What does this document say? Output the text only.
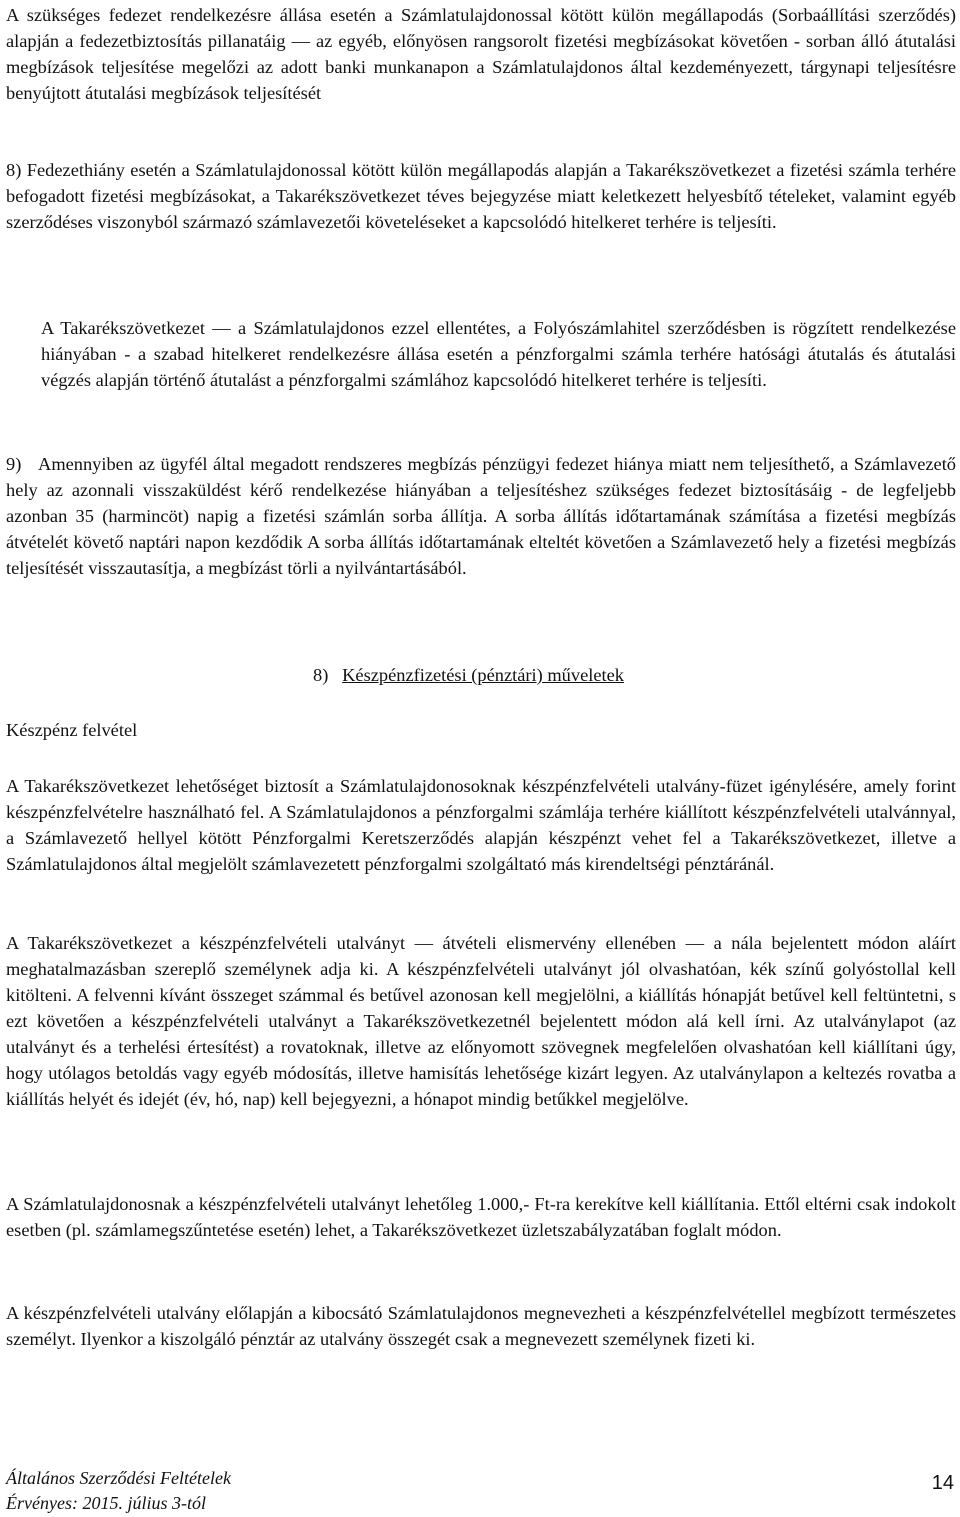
A szükséges fedezet rendelkezésre állása esetén a Számlatulajdonossal kötött külön megállapodás (Sorbaállítási szerződés) alapján a fedezetbiztosítás pillanatáig — az egyéb, előnyösen rangsorolt fizetési megbízásokat követően - sorban álló átutalási megbízások teljesítése megelőzi az adott banki munkanapon a Számlatulajdonos által kezdeményezett, tárgynapi teljesítésre benyújtott átutalási megbízások teljesítését

8) Fedezethiány esetén a Számlatulajdonossal kötött külön megállapodás alapján a Takarékszövetkezet a fizetési számla terhére befogadott fizetési megbízásokat, a Takarékszövetkezet téves bejegyzése miatt keletkezett helyesbítő tételeket, valamint egyéb szerződéses viszonyból származó számlavezetői követeléseket a kapcsolódó hitelkeret terhére is teljesíti.

A Takarékszövetkezet — a Számlatulajdonos ezzel ellentétes, a Folyószámlahitel szerződésben is rögzített rendelkezése hiányában - a szabad hitelkeret rendelkezésre állása esetén a pénzforgalmi számla terhére hatósági átutalás és átutalási végzés alapján történő átutalást a pénzforgalmi számlához kapcsolódó hitelkeret terhére is teljesíti.

9) Amennyiben az ügyfél által megadott rendszeres megbízás pénzügyi fedezet hiánya miatt nem teljesíthető, a Számlavezető hely az azonnali visszaküldést kérő rendelkezése hiányában a teljesítéshez szükséges fedezet biztosításáig - de legfeljebb azonban 35 (harmincöt) napig a fizetési számlán sorba állítja. A sorba állítás időtartamának számítása a fizetési megbízás átvételét követő naptári napon kezdődik A sorba állítás időtartamának elteltét követően a Számlavezető hely a fizetési megbízás teljesítését visszautasítja, a megbízást törli a nyilvántartásából.

8) Készpénzfizetési (pénztári) műveletek

Készpénz felvétel

A Takarékszövetkezet lehetőséget biztosít a Számlatulajdonosoknak készpénzfelvételi utalvány-füzet igénylésére, amely forint készpénzfelvételre használható fel. A Számlatulajdonos a pénzforgalmi számlája terhére kiállított készpénzfelvételi utalvánnyal, a Számlavezető hellyel kötött Pénzforgalmi Keretszerződés alapján készpénzt vehet fel a Takarékszövetkezet, illetve a Számlatulajdonos által megjelölt számlavezetett pénzforgalmi szolgáltató más kirendeltségi pénztáránál.

A Takarékszövetkezet a készpénzfelvételi utalványt — átvételi elismervény ellenében — a nála bejelentett módon aláírt meghatalmazásban szereplő személynek adja ki. A készpénzfelvételi utalványt jól olvashatóan, kék színű golyóstollal kell kitölteni. A felvenni kívánt összeget számmal és betűvel azonosan kell megjelölni, a kiállítás hónapját betűvel kell feltüntetni, s ezt követően a készpénzfelvételi utalványt a Takarékszövetkezetnél bejelentett módon alá kell írni. Az utalványlapot (az utalványt és a terhelési értesítést) a rovatoknak, illetve az előnyomott szövegnek megfelelően olvashatóan kell kiállítani úgy, hogy utólagos betoldás vagy egyéb módosítás, illetve hamisítás lehetősége kizárt legyen. Az utalványlapon a keltezés rovatba a kiállítás helyét és idejét (év, hó, nap) kell bejegyezni, a hónapot mindig betűkkel megjelölve.

A Számlatulajdonosnak a készpénzfelvételi utalványt lehetőleg 1.000,- Ft-ra kerekítve kell kiállítania. Ettől eltérni csak indokolt esetben (pl. számlamegszűntetése esetén) lehet, a Takarékszövetkezet üzletszabályzatában foglalt módon.

A készpénzfelvételi utalvány előlapján a kibocsátó Számlatulajdonos megnevezheti a készpénzfelvétellel megbízott természetes személyt. Ilyenkor a kiszolgáló pénztár az utalvány összegét csak a megnevezett személynek fizeti ki.

Általános Szerződési Feltételek
Érvényes: 2015. július 3-tól
14
